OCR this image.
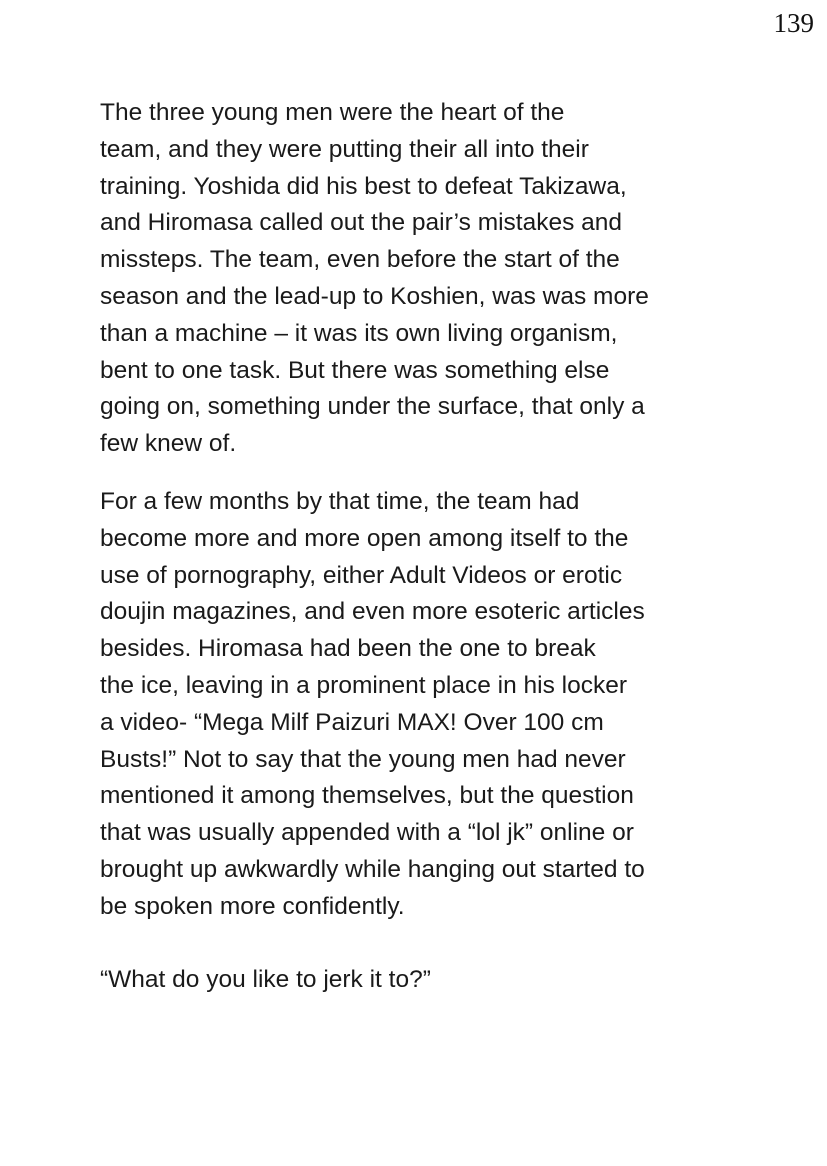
139

The three young men were the heart of the
team, and they were putting their all into their
training. Yoshida did his best to defeat Takizawa,
and Hiromasa called out the pair’s mistakes and
missteps. The team, even before the start of the
season and the lead-up to Koshien, was was more
than a machine – it was its own living organism,
bent to one task. But there was something else
going on, something under the surface, that only a
few knew of.

For a few months by that time, the team had
become more and more open among itself to the
use of pornography, either Adult Videos or erotic
doujin magazines, and even more esoteric articles
besides. Hiromasa had been the one to break
the ice, leaving in a prominent place in his locker
a video- “Mega Milf Paizuri MAX! Over 100 cm
Busts!” Not to say that the young men had never
mentioned it among themselves, but the question
that was usually appended with a “lol jk” online or
brought up awkwardly while hanging out started to
be spoken more confidently.

“What do you like to jerk it to?”
